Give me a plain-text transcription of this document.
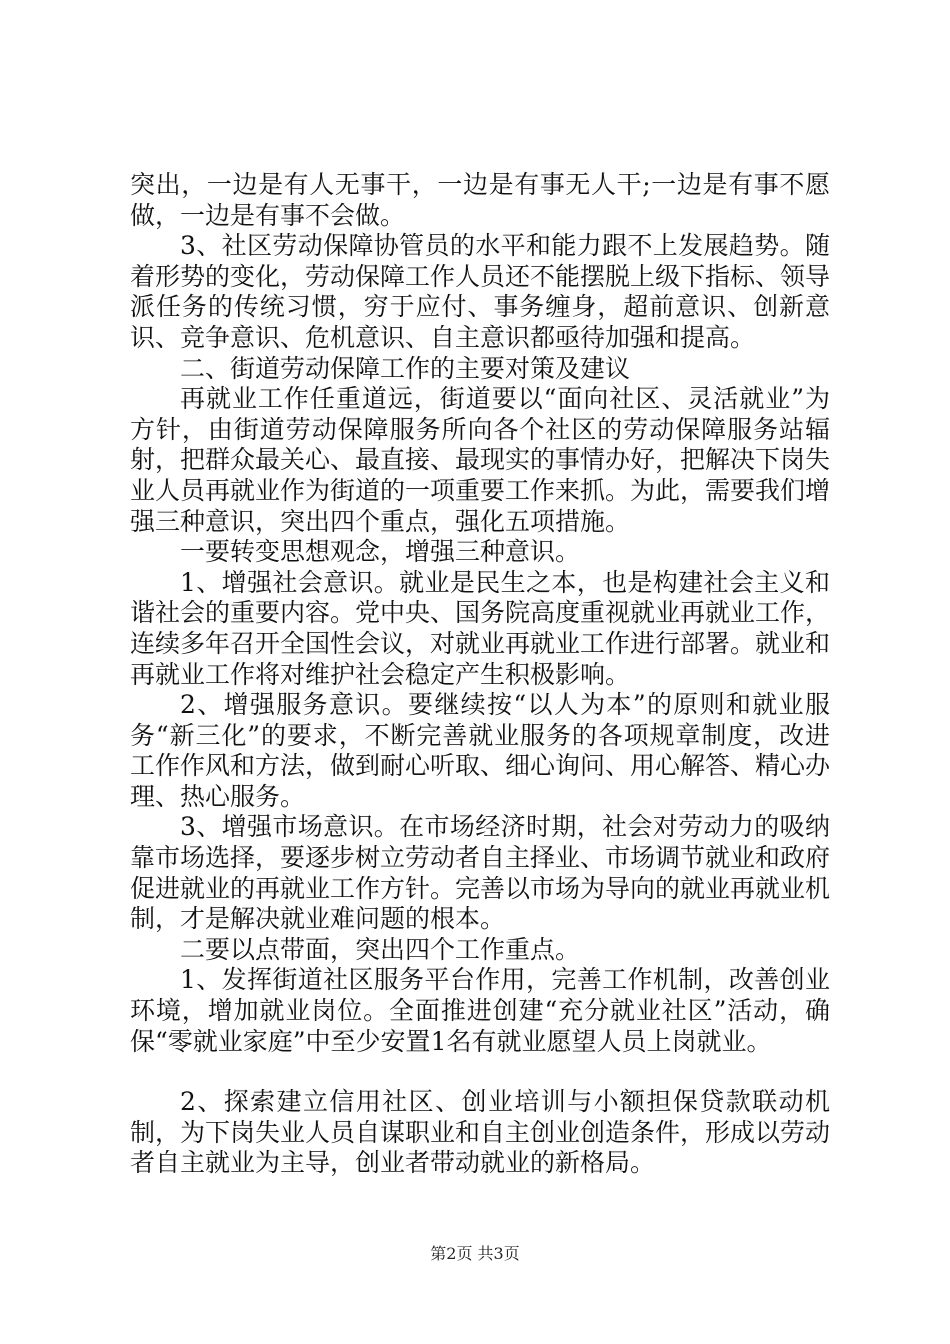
突出，一边是有人无事干，一边是有事无人干;一边是有事不愿做，一边是有事不会做。

3、社区劳动保障协管员的水平和能力跟不上发展趋势。随着形势的变化，劳动保障工作人员还不能摆脱上级下指标、领导派任务的传统习惯，穷于应付、事务缠身，超前意识、创新意识、竞争意识、危机意识、自主意识都亟待加强和提高。

二、街道劳动保障工作的主要对策及建议

再就业工作任重道远，街道要以“面向社区、灵活就业”为方针，由街道劳动保障服务所向各个社区的劳动保障服务站辐射，把群众最关心、最直接、最现实的事情办好，把解决下岗失业人员再就业作为街道的一项重要工作来抓。为此，需要我们增强三种意识，突出四个重点，强化五项措施。

一要转变思想观念，增强三种意识。

1、增强社会意识。就业是民生之本，也是构建社会主义和谐社会的重要内容。党中央、国务院高度重视就业再就业工作，连续多年召开全国性会议，对就业再就业工作进行部署。就业和再就业工作将对维护社会稳定产生积极影响。

2、增强服务意识。要继续按“以人为本”的原则和就业服务“新三化”的要求，不断完善就业服务的各项规章制度，改进工作作风和方法，做到耐心听取、细心询问、用心解答、精心办理、热心服务。

3、增强市场意识。在市场经济时期，社会对劳动力的吸纳靠市场选择，要逐步树立劳动者自主择业、市场调节就业和政府促进就业的再就业工作方针。完善以市场为导向的就业再就业机制，才是解决就业难问题的根本。

二要以点带面，突出四个工作重点。

1、发挥街道社区服务平台作用，完善工作机制，改善创业环境，增加就业岗位。全面推进创建“充分就业社区”活动，确保“零就业家庭”中至少安置1名有就业愿望人员上岗就业。

2、探索建立信用社区、创业培训与小额担保贷款联动机制，为下岗失业人员自谋职业和自主创业创造条件，形成以劳动者自主就业为主导，创业者带动就业的新格局。

第2页 共3页
